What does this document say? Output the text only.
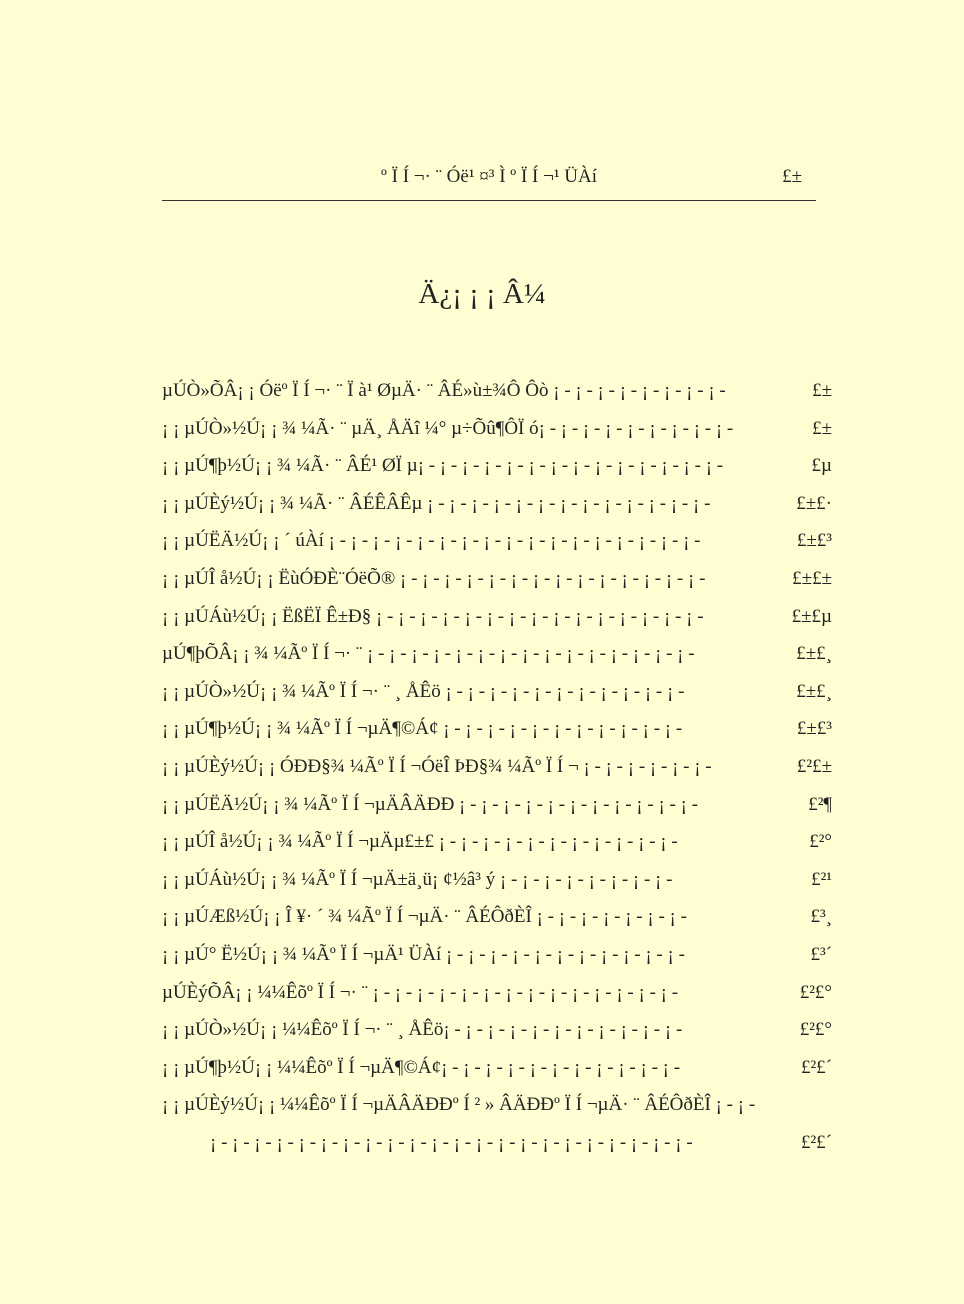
º Ï Í ¬· ¨ Óë¹ ¤³ Ì º Ï Í ¬¹ ÜÀí	£±
Ä¿¡ ¡ ¡ Â¼
µÚÒ»ÕÂ¡ ¡ Óëº Ï Í ¬· ¨ Ï à¹ ØµÄ· ¨ ÂÉ»ù±¾Ô Ôò ¡ - ¡ - ¡ - ¡ - ¡ - ¡ - ¡ - ¡ -	£±
¡ ¡ µÚÒ»½Ú¡ ¡ ¾ ¼Ã· ¨ µÄ¸ ÅÄî ¼° µ÷Õû¶ÔÏ ó¡ - ¡ - ¡ - ¡ - ¡ - ¡ - ¡ - ¡ - ¡ -	£±
¡ ¡ µÚ¶þ½Ú¡ ¡ ¾ ¼Ã· ¨ ÂÉ¹ ØÏ µ¡ - ¡ - ¡ - ¡ - ¡ - ¡ - ¡ - ¡ - ¡ - ¡ - ¡ - ¡ - ¡ - ¡ -	£µ
¡ ¡ µÚÈý½Ú¡ ¡ ¾ ¼Ã· ¨ ÂÉÊÂÊµ ¡ - ¡ - ¡ - ¡ - ¡ - ¡ - ¡ - ¡ - ¡ - ¡ - ¡ - ¡ - ¡ -	£±£·
¡ ¡ µÚËÄ½Ú¡ ¡ ´ úÀí ¡ - ¡ - ¡ - ¡ - ¡ - ¡ - ¡ - ¡ - ¡ - ¡ - ¡ - ¡ - ¡ - ¡ - ¡ - ¡ - ¡ -	£±£³
¡ ¡ µÚÎ å½Ú¡ ¡ ËùÓÐÈ¨ÓëÕ® ¡ - ¡ - ¡ - ¡ - ¡ - ¡ - ¡ - ¡ - ¡ - ¡ - ¡ - ¡ - ¡ - ¡ -	£±£±
¡ ¡ µÚÁù½Ú¡ ¡ ËßËÏ Ê±Ð§ ¡ - ¡ - ¡ - ¡ - ¡ - ¡ - ¡ - ¡ - ¡ - ¡ - ¡ - ¡ - ¡ - ¡ - ¡ -	£±£µ
µÚ¶þÕÂ¡ ¡ ¾ ¼Ãº Ï Í ¬· ¨ ¡ - ¡ - ¡ - ¡ - ¡ - ¡ - ¡ - ¡ - ¡ - ¡ - ¡ - ¡ - ¡ - ¡ - ¡ -	£±£¸
¡ ¡ µÚÒ»½Ú¡ ¡ ¾ ¼Ãº Ï Í ¬· ¨ ¸ ÅÊö ¡ - ¡ - ¡ - ¡ - ¡ - ¡ - ¡ - ¡ - ¡ - ¡ - ¡ -	£±£¸
¡ ¡ µÚ¶þ½Ú¡ ¡ ¾ ¼Ãº Ï Í ¬µÄ¶©Á¢ ¡ - ¡ - ¡ - ¡ - ¡ - ¡ - ¡ - ¡ - ¡ - ¡ - ¡ -	£±£³
¡ ¡ µÚÈý½Ú¡ ¡ ÓÐÐ§¾ ¼Ãº Ï Í ¬ÓëÎ ÞÐ§¾ ¼Ãº Ï Í ¬ ¡ - ¡ - ¡ - ¡ - ¡ - ¡ -	£²£±
¡ ¡ µÚËÄ½Ú¡ ¡ ¾ ¼Ãº Ï Í ¬µÄÂÄÐÐ ¡ - ¡ - ¡ - ¡ - ¡ - ¡ - ¡ - ¡ - ¡ - ¡ - ¡ -	£²¶
¡ ¡ µÚÎ å½Ú¡ ¡ ¾ ¼Ãº Ï Í ¬µÄµ£±£ ¡ - ¡ - ¡ - ¡ - ¡ - ¡ - ¡ - ¡ - ¡ - ¡ - ¡ -	£²°
¡ ¡ µÚÁù½Ú¡ ¡ ¾ ¼Ãº Ï Í ¬µÄ±ä¸ü¡ ¢½â³ ý ¡ - ¡ - ¡ - ¡ - ¡ - ¡ - ¡ - ¡ -	£²¹
¡ ¡ µÚÆß½Ú¡ ¡ Î ¥· ´ ¾ ¼Ãº Ï Í ¬µÄ· ¨ ÂÉÔðÈÎ ¡ - ¡ - ¡ - ¡ - ¡ - ¡ - ¡ -	£³¸
¡ ¡ µÚ° Ë½Ú¡ ¡ ¾ ¼Ãº Ï Í ¬µÄ¹ ÜÀí ¡ - ¡ - ¡ - ¡ - ¡ - ¡ - ¡ - ¡ - ¡ - ¡ - ¡ -	£³´
µÚÈýÕÂ¡ ¡ ¼¼Êõº Ï Í ¬· ¨ ¡ - ¡ - ¡ - ¡ - ¡ - ¡ - ¡ - ¡ - ¡ - ¡ - ¡ - ¡ - ¡ - ¡ -	£²£°
¡ ¡ µÚÒ»½Ú¡ ¡ ¼¼Êõº Ï Í ¬· ¨ ¸ ÅÊö¡ - ¡ - ¡ - ¡ - ¡ - ¡ - ¡ - ¡ - ¡ - ¡ - ¡ -	£²£°
¡ ¡ µÚ¶þ½Ú¡ ¡ ¼¼Êõº Ï Í ¬µÄ¶©Á¢¡ - ¡ - ¡ - ¡ - ¡ - ¡ - ¡ - ¡ - ¡ - ¡ - ¡ -	£²£´
¡ ¡ µÚÈý½Ú¡ ¡ ¼¼Êõº Ï Í ¬µÄÂÄÐÐº Í ² » ÂÄÐÐº Ï Í ¬µÄ· ¨ ÂÉÔðÈÎ ¡ - ¡ -
¡ - ¡ - ¡ - ¡ - ¡ - ¡ - ¡ - ¡ - ¡ - ¡ - ¡ - ¡ - ¡ - ¡ - ¡ - ¡ - ¡ - ¡ - ¡ - ¡ - ¡ - ¡ -	£²£´
